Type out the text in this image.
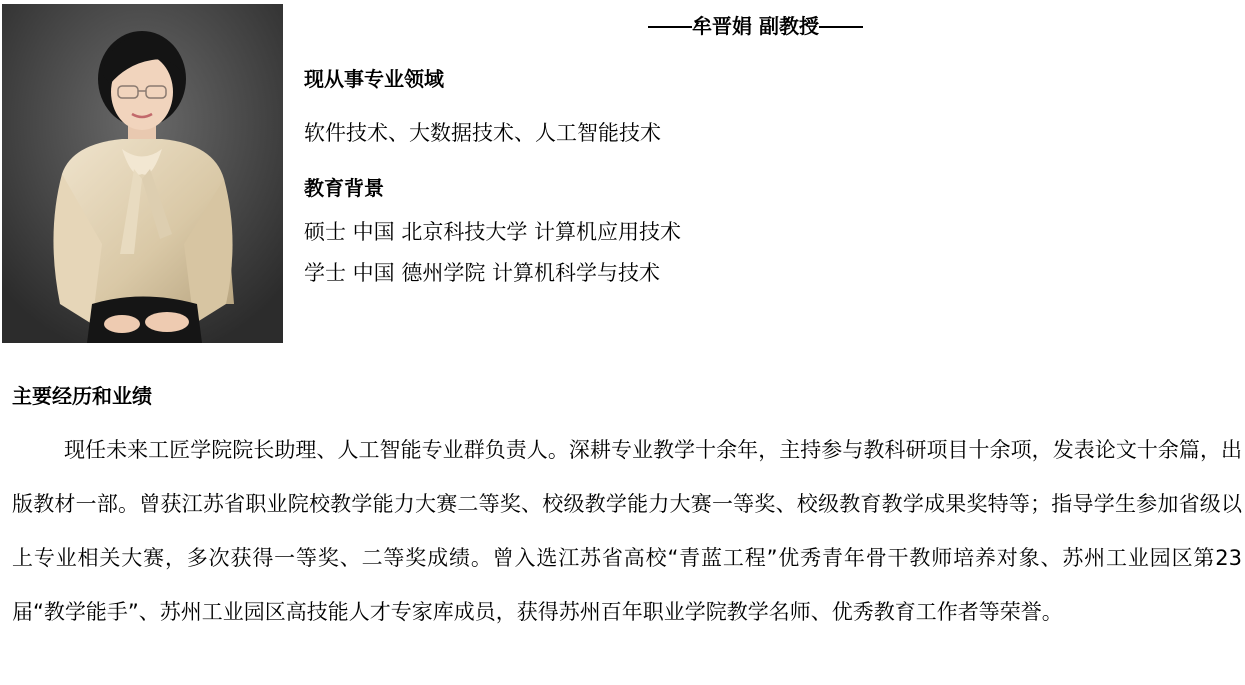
牟晋娟 副教授
现从事专业领域
软件技术、大数据技术、人工智能技术
教育背景
硕士 中国 北京科技大学 计算机应用技术
学士 中国 德州学院 计算机科学与技术
主要经历和业绩
现任未来工匠学院院长助理、人工智能专业群负责人。深耕专业教学十余年，主持参与教科研项目十余项，发表论文十余篇，出版教材一部。曾获江苏省职业院校教学能力大赛二等奖、校级教学能力大赛一等奖、校级教育教学成果奖特等；指导学生参加省级以上专业相关大赛，多次获得一等奖、二等奖成绩。曾入选江苏省高校“青蓝工程”优秀青年骨干教师培养对象、苏州工业园区第23届“教学能手”、苏州工业园区高技能人才专家库成员，获得苏州百年职业学院教学名师、优秀教育工作者等荣誉。
